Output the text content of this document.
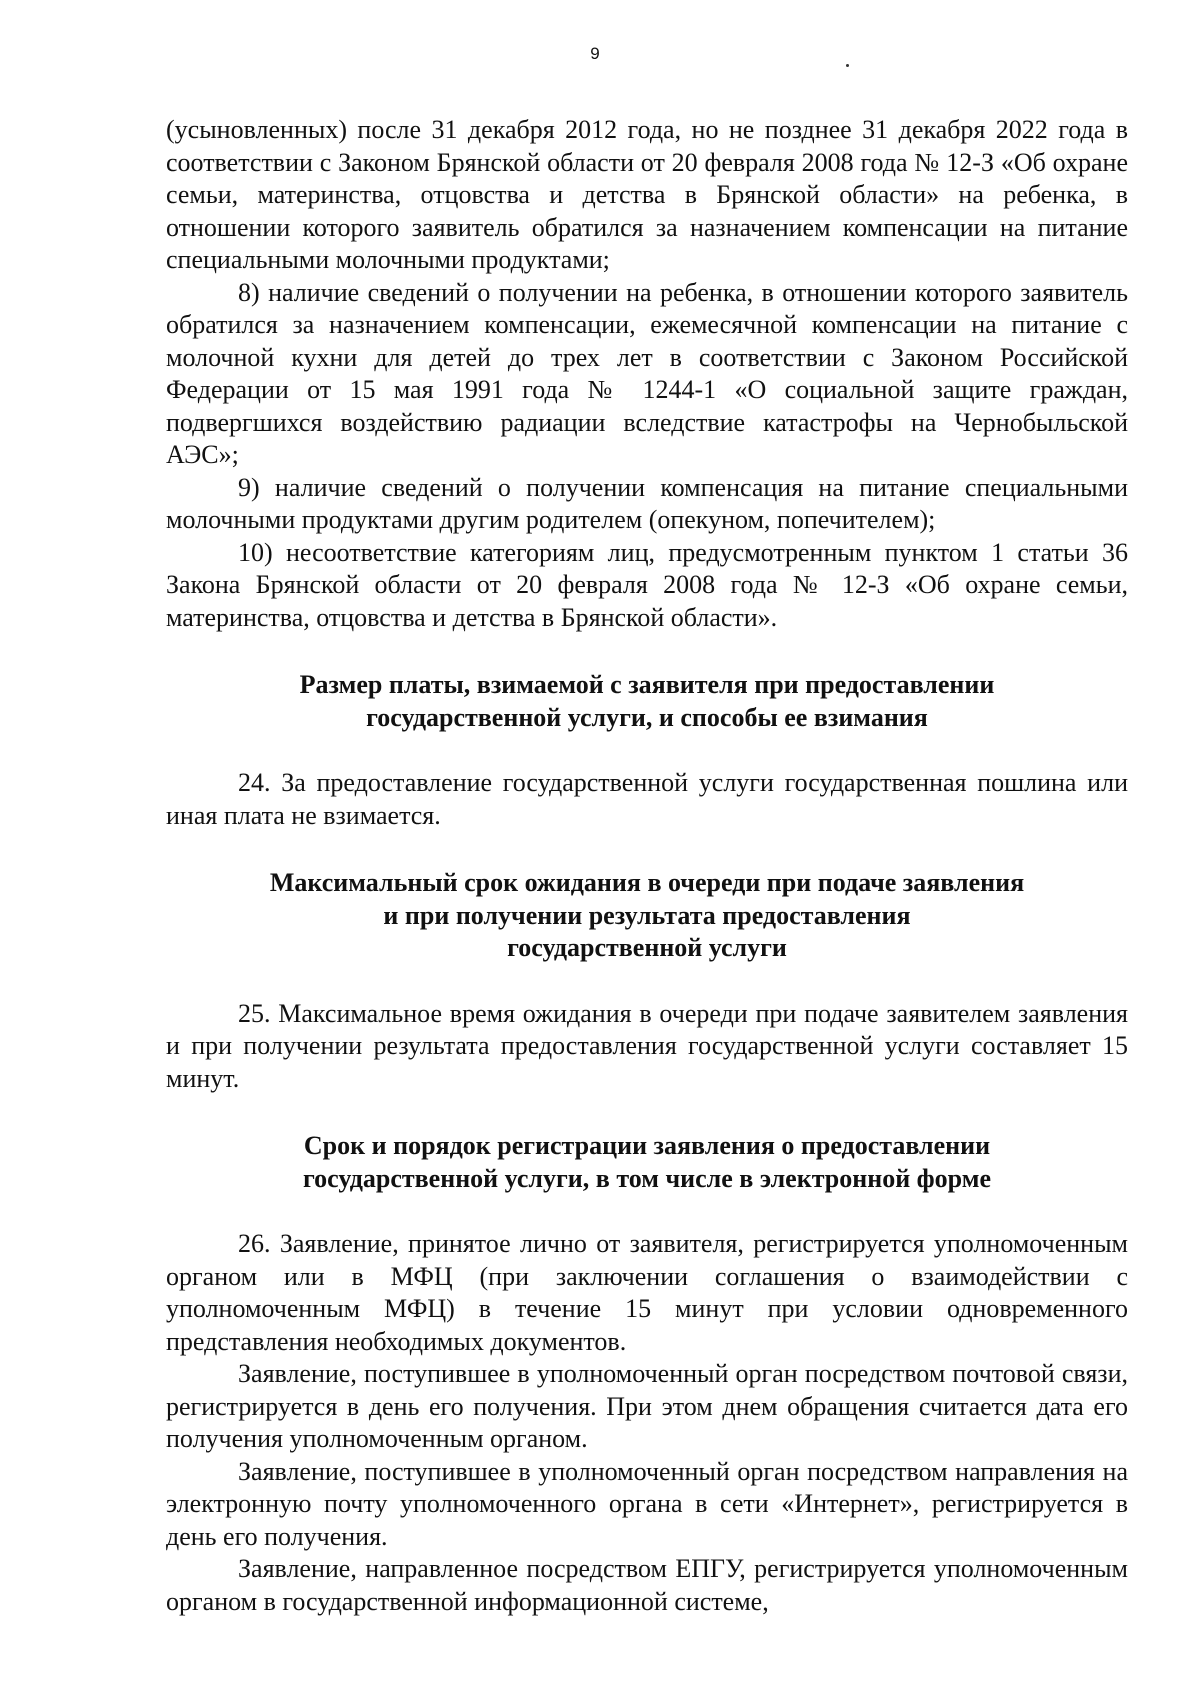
9

(усыновленных) после 31 декабря 2012 года, но не позднее 31 декабря 2022 года в соответствии с Законом Брянской области от 20 февраля 2008 года № 12-З «Об охране семьи, материнства, отцовства и детства в Брянской области» на ребенка, в отношении которого заявитель обратился за назначением компенсации на питание специальными молочными продуктами;

8) наличие сведений о получении на ребенка, в отношении которого заявитель обратился за назначением компенсации, ежемесячной компенсации на питание с молочной кухни для детей до трех лет в соответствии с Законом Российской Федерации от 15 мая 1991 года № 1244-1 «О социальной защите граждан, подвергшихся воздействию радиации вследствие катастрофы на Чернобыльской АЭС»;

9) наличие сведений о получении компенсация на питание специальными молочными продуктами другим родителем (опекуном, попечителем);

10) несоответствие категориям лиц, предусмотренным пунктом 1 статьи 36 Закона Брянской области от 20 февраля 2008 года № 12-З «Об охране семьи, материнства, отцовства и детства в Брянской области».

Размер платы, взимаемой с заявителя при предоставлении
государственной услуги, и способы ее взимания

24. За предоставление государственной услуги государственная пошлина или иная плата не взимается.

Максимальный срок ожидания в очереди при подаче заявления
и при получении результата предоставления
государственной услуги

25. Максимальное время ожидания в очереди при подаче заявителем заявления и при получении результата предоставления государственной услуги составляет 15 минут.

Срок и порядок регистрации заявления о предоставлении
государственной услуги, в том числе в электронной форме

26. Заявление, принятое лично от заявителя, регистрируется уполномоченным органом или в МФЦ (при заключении соглашения о взаимодействии с уполномоченным МФЦ) в течение 15 минут при условии одновременного представления необходимых документов.

Заявление, поступившее в уполномоченный орган посредством почтовой связи, регистрируется в день его получения. При этом днем обращения считается дата его получения уполномоченным органом.

Заявление, поступившее в уполномоченный орган посредством направления на электронную почту уполномоченного органа в сети «Интернет», регистрируется в день его получения.

Заявление, направленное посредством ЕПГУ, регистрируется уполномоченным органом в государственной информационной системе,
